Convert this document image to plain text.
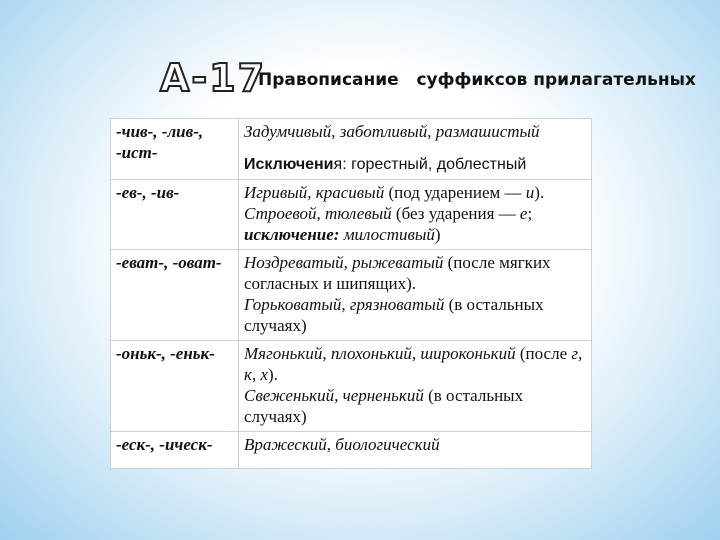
А-17
Правописание   суффиксов прилагательных
-чив-, -лив-, -ист-	Задумчивый, заботливый, размашистый
Исключения: горестный, доблестный

-ев-, -ив-	Игривый, красивый (под ударением — и).
Строевой, тюлевый (без ударения — е;
исключение: милостивый)
-еват-, -оват-	Ноздреватый, рыжеватый (после мягких согласных и шипящих).
Горьковатый, грязноватый (в остальных случаях)
-оньк-, -еньк-	Мягонький, плохонький, широконький (после г, к, х).
Свеженький, черненький (в остальных случаях)
-еск-, -ическ-	Вражеский, биологический
